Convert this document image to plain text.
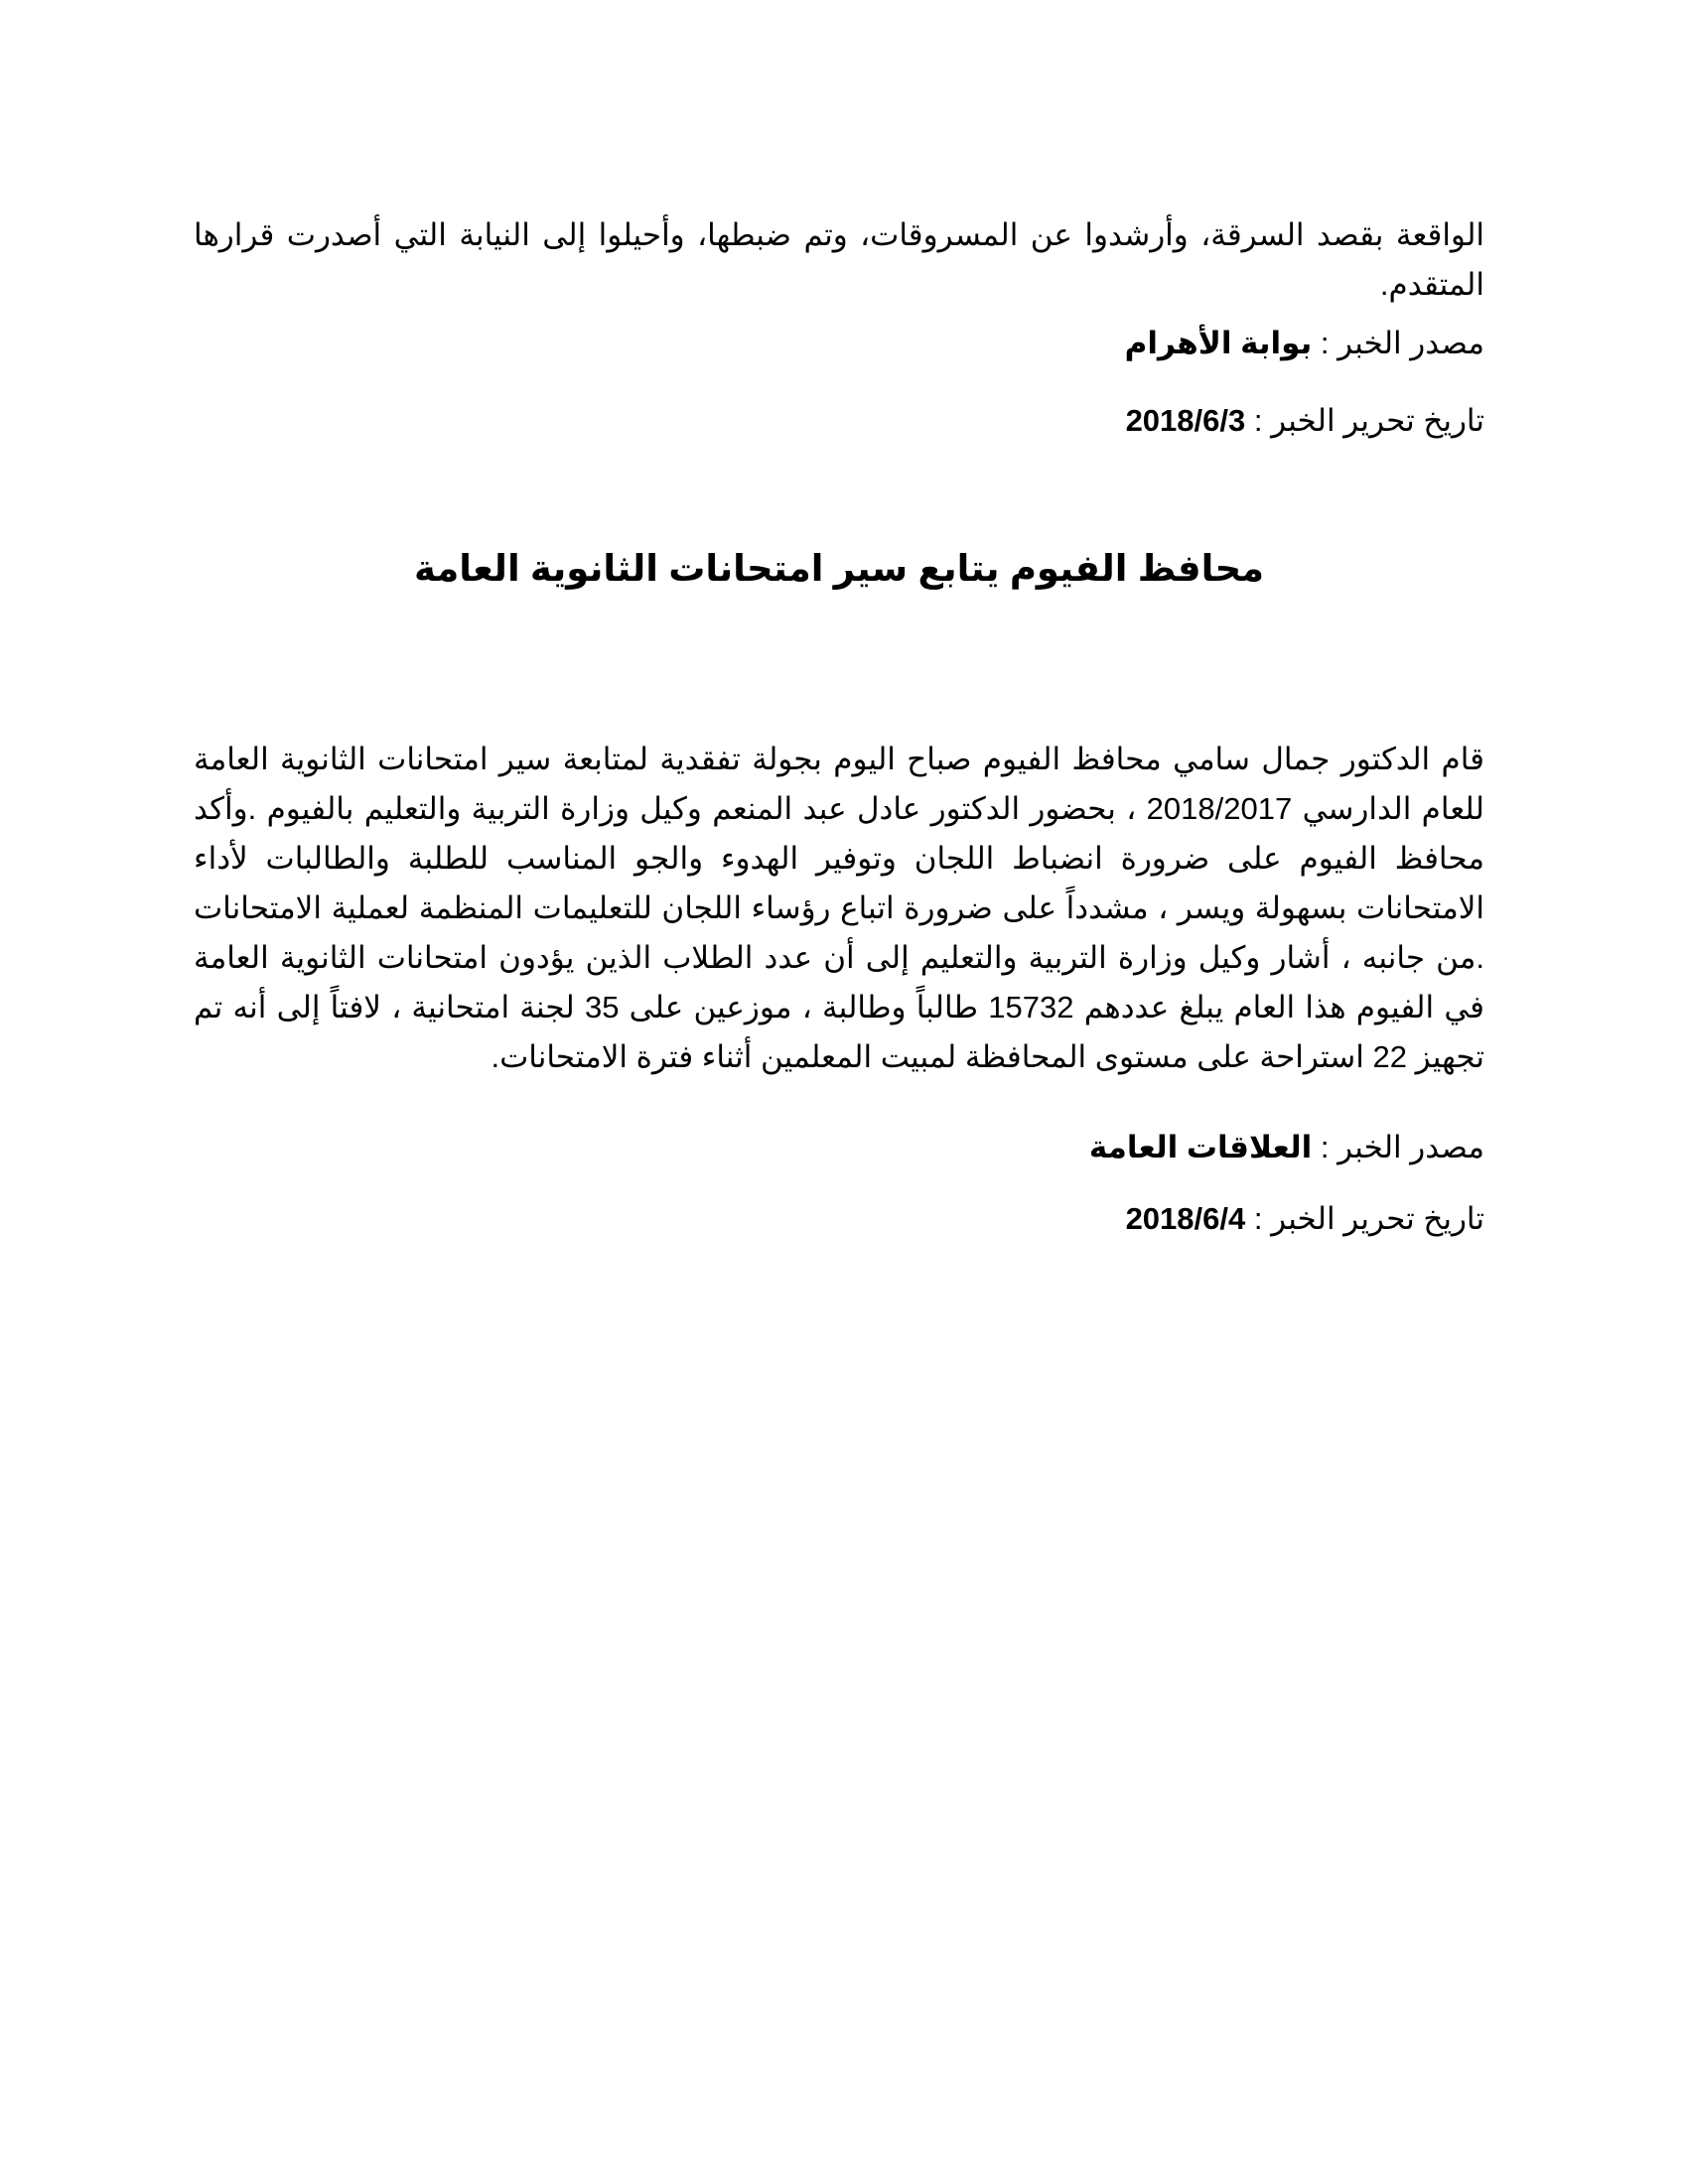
الواقعة بقصد السرقة، وأرشدوا عن المسروقات، وتم ضبطها، وأحيلوا إلى النيابة التي أصدرت قرارها المتقدم.

مصدر الخبر : بوابة الأهرام
تاريخ تحرير الخبر : 2018/6/3
محافظ الفيوم يتابع سير امتحانات الثانوية العامة

قام الدكتور جمال سامي محافظ الفيوم صباح اليوم بجولة تفقدية لمتابعة سير امتحانات الثانوية العامة للعام الدارسي 2018/2017 ، بحضور الدكتور عادل عبد المنعم وكيل وزارة التربية والتعليم بالفيوم .وأكد محافظ الفيوم على ضرورة انضباط اللجان وتوفير الهدوء والجو المناسب للطلبة والطالبات لأداء الامتحانات بسهولة ويسر ، مشدداً على ضرورة اتباع رؤساء اللجان للتعليمات المنظمة لعملية الامتحانات .من جانبه ، أشار وكيل وزارة التربية والتعليم إلى أن عدد الطلاب الذين يؤدون امتحانات الثانوية العامة في الفيوم هذا العام يبلغ عددهم 15732 طالباً وطالبة ، موزعين على 35 لجنة امتحانية ، لافتاً إلى أنه تم تجهيز 22 استراحة على مستوى المحافظة لمبيت المعلمين أثناء فترة الامتحانات.

مصدر الخبر : العلاقات العامة
تاريخ تحرير الخبر : 2018/6/4
